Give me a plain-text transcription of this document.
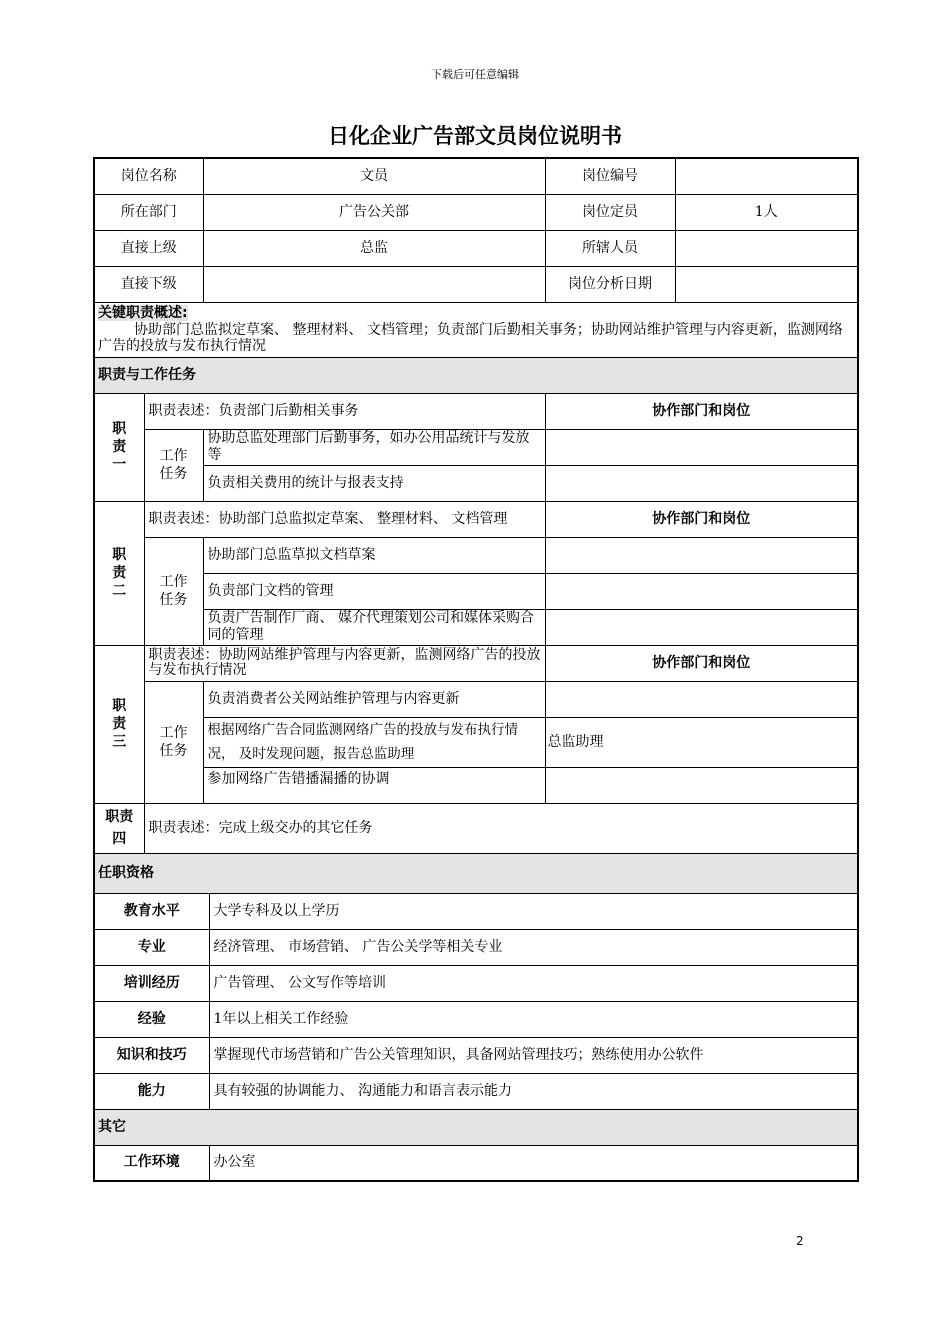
下载后可任意编辑
日化企业广告部文员岗位说明书
岗位名称		文员		岗位编号	
所在部门		广告公关部		岗位定员	1人
直接上级		总监		所辖人员	
直接下级				岗位分析日期	
关键职责概述:
协助部门总监拟定草案、 整理材料、 文档管理；负责部门后勤相关事务；协助网站维护管理与内容更新，监测网络广告的投放与发布执行情况					

职责与工作任务					
职责一	职责表述：负责部门后勤相关事务			协作部门和岗位	
	工作任务	协助总监处理部门后勤事务，如办公用品统计与发放等			
		负责相关费用的统计与报表支持			
职责二	职责表述：协助部门总监拟定草案、 整理材料、 文档管理			协作部门和岗位	
	工作任务	协助部门总监草拟文档草案			
		负责部门文档的管理			
		负责广告制作厂商、 媒介代理策划公司和媒体采购合同的管理			
职责三	职责表述：协助网站维护管理与内容更新，监测网络广告的投放与发布执行情况			协作部门和岗位	
	工作任务	负责消费者公关网站维护管理与内容更新			
		根据网络广告合同监测网络广告的投放与发布执行情况， 及时发现问题，报告总监助理		总监助理	
		参加网络广告错播漏播的协调			
职责四	职责表述：完成上级交办的其它任务				
任职资格					
教育水平			大学专科及以上学历		
专业			经济管理、 市场营销、 广告公关学等相关专业		
培训经历			广告管理、 公文写作等培训		
经验			1年以上相关工作经验		
知识和技巧			掌握现代市场营销和广告公关管理知识，具备网站管理技巧；熟练使用办公软件		
能力			具有较强的协调能力、 沟通能力和语言表示能力		
其它					
工作环境			办公室		
2
